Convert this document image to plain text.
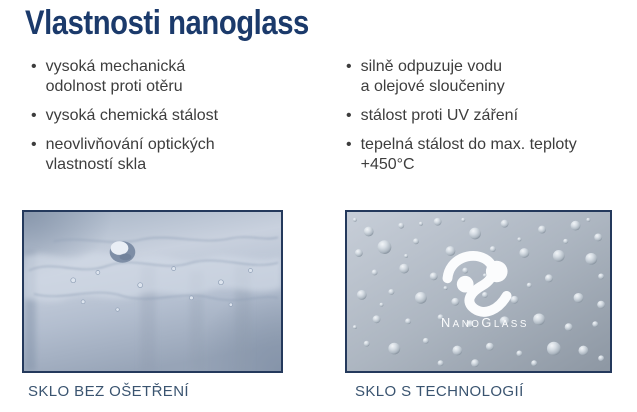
Vlastnosti nanoglass
• vysoká mechanická
odolnost proti otěru
• vysoká chemická stálost
• neovlivňování optických
vlastností skla
• silně odpuzuje vodu
a olejové sloučeniny
• stálost proti UV záření
• tepelná stálost do max. teploty
+450°C
NANOGLASS

SKLO BEZ OŠETŘENÍ	SKLO S TECHNOLOGIÍ
